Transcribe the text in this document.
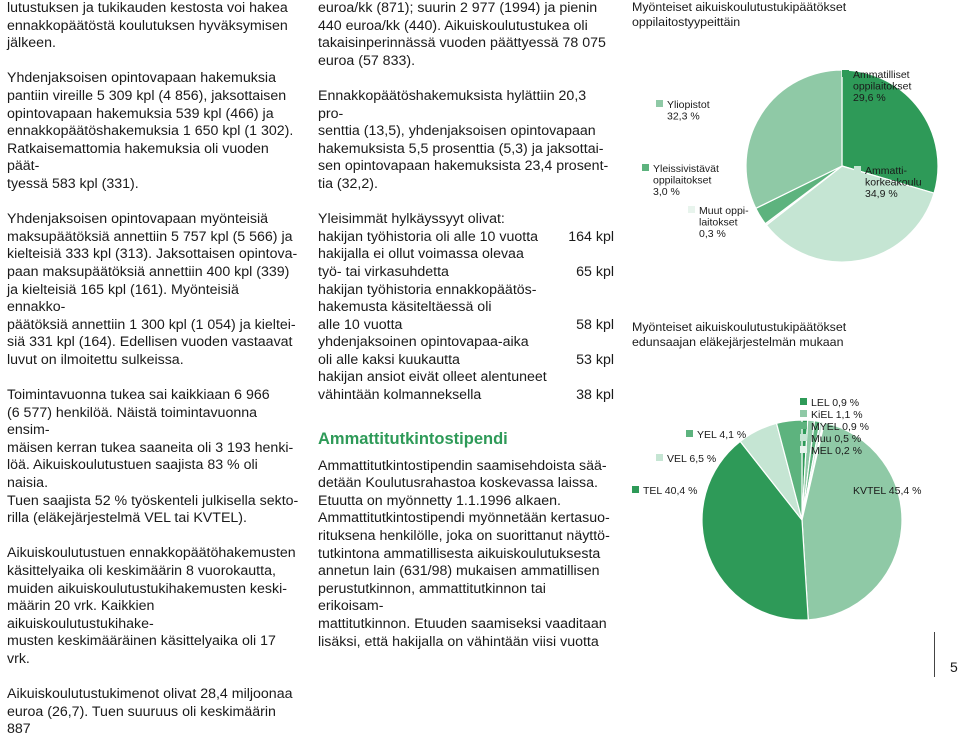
lutustuksen ja tukikauden kestosta voi hakea
ennakkopäätöstä koulutuksen hyväksymisen
jälkeen.

Yhdenjaksoisen opintovapaan hakemuksia
pantiin vireille 5 309 kpl (4 856), jaksottaisen
opintovapaan hakemuksia 539 kpl (466) ja
ennakkopäätöshakemuksia 1 650 kpl (1 302).
Ratkaisemattomia hakemuksia oli vuoden päät-
tyessä 583 kpl (331).

Yhdenjaksoisen opintovapaan myönteisiä
maksupäätöksiä annettiin 5 757 kpl (5 566) ja
kielteisiä 333 kpl (313). Jaksottaisen opintova-
paan maksupäätöksiä annettiin 400 kpl (339)
ja kielteisiä 165 kpl (161). Myönteisiä ennakko-
päätöksiä annettiin 1 300 kpl (1 054) ja kieltei-
siä 331 kpl (164). Edellisen vuoden vastaavat
luvut on ilmoitettu sulkeissa.

Toimintavuonna tukea sai kaikkiaan 6 966
(6 577) henkilöä. Näistä toimintavuonna ensim-
mäisen kerran tukea saaneita oli 3 193 henki-
löä. Aikuiskoulutustuen saajista 83 % oli naisia.
Tuen saajista 52 % työskenteli julkisella sekto-
rilla (eläkejärjestelmä VEL tai KVTEL).

Aikuiskoulutustuen ennakkopäätöhakemusten
käsittelyaika oli keskimäärin 8 vuorokautta,
muiden aikuiskoulutustukihakemusten keski-
määrin 20 vrk. Kaikkien aikuiskoulutustukihake-
musten keskimääräinen käsittelyaika oli 17 vrk.

Aikuiskoulutustukimenot olivat 28,4 miljoonaa
euroa (26,7). Tuen suuruus oli keskimäärin 887

euroa/kk (871); suurin 2 977 (1994) ja pienin
440 euroa/kk (440). Aikuiskoulutustukea oli
takaisinperinnässä vuoden päättyessä 78 075
euroa (57 833).

Ennakkopäätöshakemuksista hylättiin 20,3 pro-
senttia (13,5), yhdenjaksoisen opintovapaan
hakemuksista 5,5 prosenttia (5,3) ja jaksottai-
sen opintovapaan hakemuksista 23,4 prosent-
tia (32,2).

Yleisimmät hylkäyssyyt olivat:

hakijan työhistoria oli alle 10 vuotta	164 kpl
hakijalla ei ollut voimassa olevaa
työ- tai virkasuhdetta	65 kpl
hakijan työhistoria ennakkopäätös-
hakemusta käsiteltäessä oli
alle 10 vuotta	58 kpl
yhdenjaksoinen opintovapaa-aika
oli alle kaksi kuukautta	53 kpl
hakijan ansiot eivät olleet alentuneet
vähintään kolmanneksella	38 kpl
Ammattitutkintostipendi

Ammattitutkintostipendin saamisehdoista sää-
detään Koulutusrahastoa koskevassa laissa.
Etuutta on myönnetty 1.1.1996 alkaen.
Ammattitutkintostipendi myönnetään kertasuo-
rituksena henkilölle, joka on suorittanut näyttö-
tutkintona ammatillisesta aikuiskoulutuksesta
annetun lain (631/98) mukaisen ammatillisen
perustutkinnon, ammattitutkinnon tai erikoisam-
mattitutkinnon. Etuuden saamiseksi vaaditaan
lisäksi, että hakijalla on vähintään viisi vuotta

Myönteiset aikuiskoulutustukipäätökset
oppilaitostyypeittäin

Ammatilliset oppilaitokset 29,6 %
Ammatti-korkeakoulu 34,9 %
Muut oppi-laitokset 0,3 %
Yleissivistävät oppilaitokset 3,0 %
Yliopistot 32,3 %

Myönteiset aikuiskoulutustukipäätökset
edunsaajan eläkejärjestelmän mukaan

LEL 0,9 %
KiEL 1,1 %
MYEL 0,9 %
Muu 0,5 %
MEL 0,2 %
KVTEL 45,4 %
TEL 40,4 %
VEL 6,5 %
YEL 4,1 %
5
